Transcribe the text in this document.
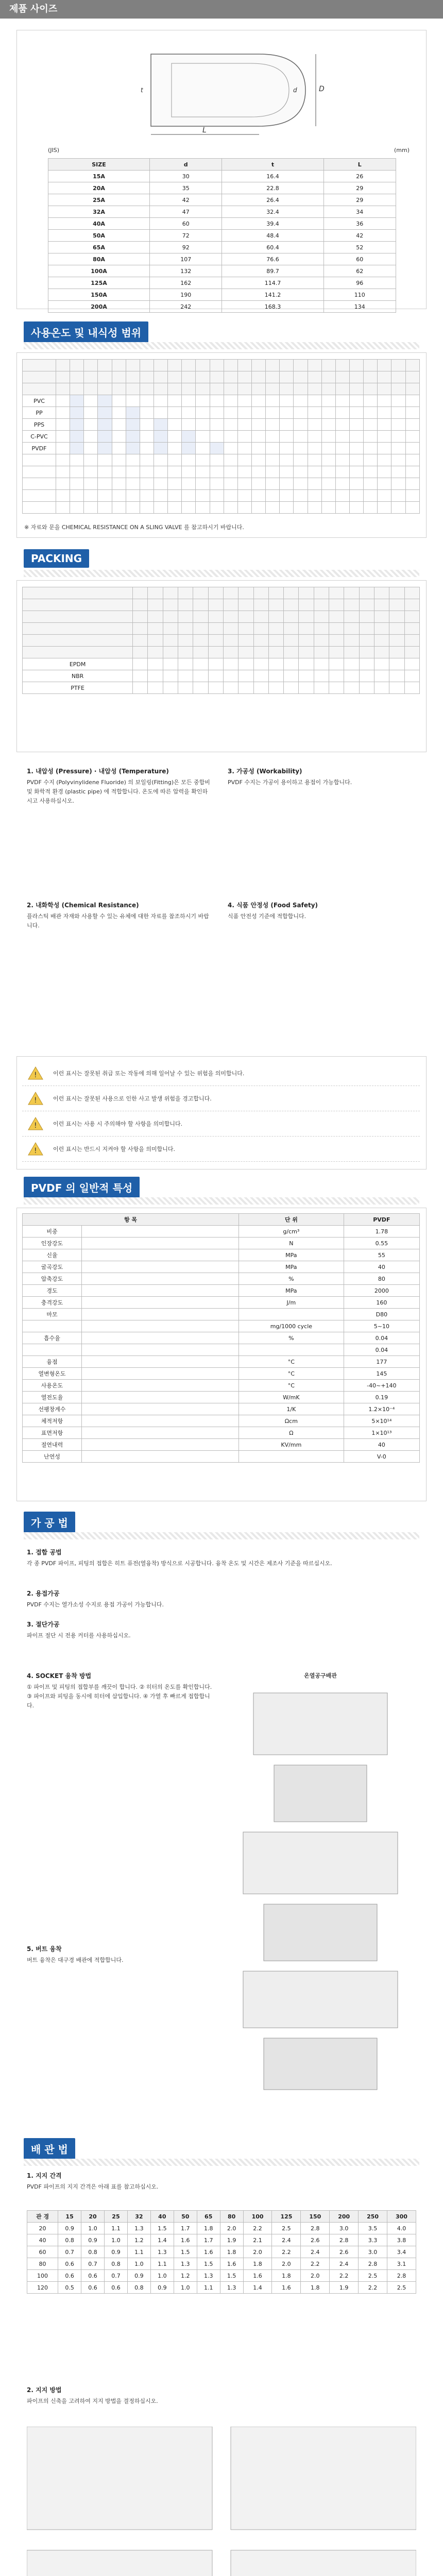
제품 사이즈
L
D
d
t
(JIS)	(mm)
SIZE	d	t	L
15A	30	16.4	26
20A	35	22.8	29
25A	42	26.4	29
32A	47	32.4	34
40A	60	39.4	36
50A	72	48.4	42
65A	92	60.4	52
80A	107	76.6	60
100A	132	89.7	62
125A	162	114.7	96
150A	190	141.2	110
200A	242	168.3	134
사용온도 및 내식성 범위

PVC																										
PP																										
PPS																										
C-PVC																										
PVDF																										

※ 자료와 문을 CHEMICAL RESISTANCE ON A SLING VALVE 를 참고하시기 바랍니다.
PACKING

EPDM																			
NBR																			
PTFE																			
1. 내압성 (Pressure) · 내압성 (Temperature)
PVDF 수지 (Polyvinylidene Fluoride) 의 보일링(Fitting)은 모든 중합비 및 화학적 환경 (plastic pipe) 에 적합합니다. 온도에 따른 압력을 확인하시고 사용하십시오.
2. 내화학성 (Chemical Resistance)
플라스틱 배관 자재와 사용할 수 있는 유체에 대한 자료를 참조하시기 바랍니다.
3. 가공성 (Workability)
PVDF 수지는 가공이 용이하고 용접이 가능합니다.
4. 식품 안정성 (Food Safety)
식품 안전성 기준에 적합합니다.
!	이런 표시는 잘못된 취급 또는 작동에 의해 일어날 수 있는 위험을 의미합니다.
!	이런 표시는 잘못된 사용으로 인한 사고 발생 위험을 경고합니다.
!	이런 표시는 사용 시 주의해야 할 사항을 의미합니다.
!	이런 표시는 반드시 지켜야 할 사항을 의미합니다.
PVDF 의 일반적 특성
항 목		단 위	PVDF
비중		g/cm³	1.78
인장강도		N	0.55
신율		MPa	55
굴곡강도		MPa	40
압축강도		%	80
경도		MPa	2000
충격강도		J/m	160
마모			D80
		mg/1000 cycle	5~10
흡수율		%	0.04
			0.04
융점		°C	177
열변형온도		°C	145
사용온도		°C	-40~+140
열전도율		W/mK	0.19
선팽창계수		1/K	1.2×10⁻⁴
체적저항		Ωcm	5×10¹⁴
표면저항		Ω	1×10¹³
절연내력		KV/mm	40
난연성			V-0
가 공 법
1. 접합 공법
각 종 PVDF 파이프, 피팅의 접합은 히트 퓨전(열융착) 방식으로 시공합니다. 융착 온도 및 시간은 제조사 기준을 따르십시오.
2. 용접가공
PVDF 수지는 열가소성 수지로 용접 가공이 가능합니다.
3. 절단가공
파이프 절단 시 전용 커터를 사용하십시오.
4. SOCKET 융착 방법
① 파이프 및 피팅의 접합부를 깨끗이 합니다. ② 히터의 온도를 확인합니다. ③ 파이프와 피팅을 동시에 히터에 삽입합니다. ④ 가열 후 빠르게 접합합니다.
5. 버트 융착
버트 융착은 대구경 배관에 적합합니다.
온열공구배관
배 관 법
1. 지지 간격
PVDF 파이프의 지지 간격은 아래 표를 참고하십시오.
관 경	15	20	25	32	40	50	65	80	100	125	150	200	250	300
20	0.9	1.0	1.1	1.3	1.5	1.7	1.8	2.0	2.2	2.5	2.8	3.0	3.5	4.0
40	0.8	0.9	1.0	1.2	1.4	1.6	1.7	1.9	2.1	2.4	2.6	2.8	3.3	3.8
60	0.7	0.8	0.9	1.1	1.3	1.5	1.6	1.8	2.0	2.2	2.4	2.6	3.0	3.4
80	0.6	0.7	0.8	1.0	1.1	1.3	1.5	1.6	1.8	2.0	2.2	2.4	2.8	3.1
100	0.6	0.6	0.7	0.9	1.0	1.2	1.3	1.5	1.6	1.8	2.0	2.2	2.5	2.8
120	0.5	0.6	0.6	0.8	0.9	1.0	1.1	1.3	1.4	1.6	1.8	1.9	2.2	2.5
2. 지지 방법
파이프의 신축을 고려하여 지지 방법을 결정하십시오.
